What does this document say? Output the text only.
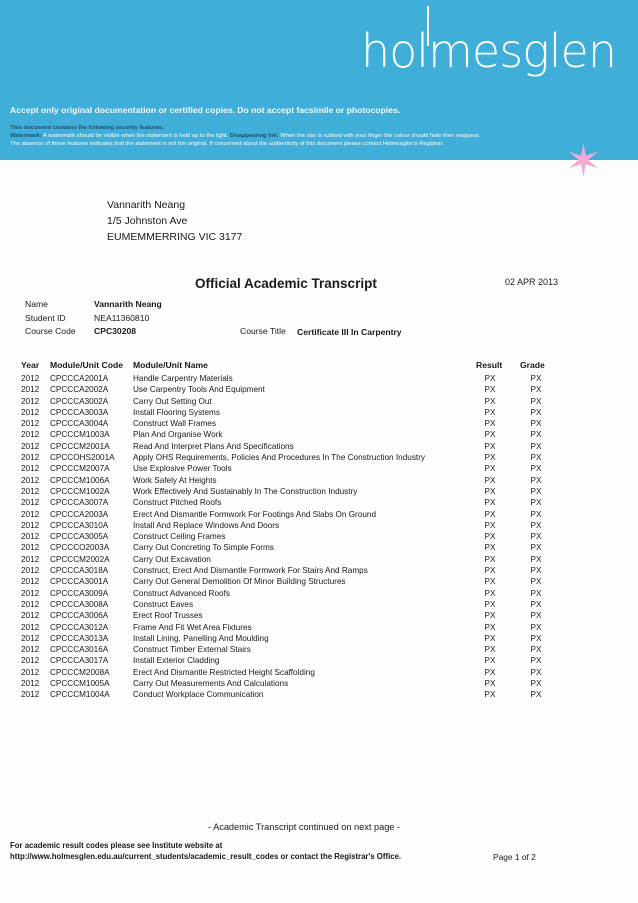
holmesglen
Accept only original documentation or certified copies. Do not accept facsimile or photocopies.
This document contains the following security features;
Watermark: A watermark should be visible when the statement is held up to the light. Disappearing Ink: When the star is rubbed with your finger the colour should fade then reappear.
The absence of these features indicates that the statement is not the original. If concerned about the authenticity of this document please contact Holmesglen's Registrar.	✶
Vannarith Neang
1/5 Johnston Ave
EUMEMMERRING VIC 3177
Official Academic Transcript	02 APR 2013
Name	Vannarith Neang
Student ID	NEA11360810
Course Code CPC30208	Course Title Certificate III In Carpentry
Year Module/Unit Code Module/Unit Name	Result Grade
2012 CPCCCA2001A	Handle Carpentry Materials	PX	PX
2012 CPCCCA2002A	Use Carpentry Tools And Equipment	PX	PX
2012 CPCCCA3002A	Carry Out Setting Out	PX	PX
2012 CPCCCA3003A	Install Flooring Systems	PX	PX
2012 CPCCCA3004A	Construct Wall Frames	PX	PX
2012 CPCCCM1003A	Plan And Organise Work	PX	PX
2012 CPCCCM2001A	Read And Interpret Plans And Specifications	PX	PX
2012 CPCCOHS2001A Apply OHS Requirements, Policies And Procedures In The Construction Industry	PX	PX
2012 CPCCCM2007A	Use Explosive Power Tools	PX	PX
2012 CPCCCM1006A	Work Safely At Heights	PX	PX
2012 CPCCCM1002A	Work Effectively And Sustainably In The Construction Industry	PX	PX
2012 CPCCCA3007A	Construct Pitched Roofs	PX	PX
2012 CPCCCA2003A	Erect And Dismantle Formwork For Footings And Slabs On Ground	PX	PX
2012 CPCCCA3010A	Install And Replace Windows And Doors	PX	PX
2012 CPCCCA3005A	Construct Ceiling Frames	PX	PX
2012 CPCCCO2003A	Carry Out Concreting To Simple Forms	PX	PX
2012 CPCCCM2002A	Carry Out Excavation	PX	PX
2012 CPCCCA3018A	Construct, Erect And Dismantle Formwork For Stairs And Ramps	PX	PX
2012 CPCCCA3001A	Carry Out General Demolition Of Minor Building Structures	PX	PX
2012 CPCCCA3009A	Construct Advanced Roofs	PX	PX
2012 CPCCCA3008A	Construct Eaves	PX	PX
2012 CPCCCA3006A	Erect Roof Trusses	PX	PX
2012 CPCCCA3012A	Frame And Fit Wet Area Fixtures	PX	PX
2012 CPCCCA3013A	Install Lining, Panelling And Moulding	PX	PX
2012 CPCCCA3016A	Construct Timber External Stairs	PX	PX
2012 CPCCCA3017A	Install Exterior Cladding	PX	PX
2012 CPCCCM2008A	Erect And Dismantle Restricted Height Scaffolding	PX	PX
2012 CPCCCM1005A	Carry Out Measurements And Calculations	PX	PX
2012 CPCCCM1004A	Conduct Workplace Communication	PX	PX
- Academic Transcript continued on next page -
For academic result codes please see Institute website at
http://www.holmesglen.edu.au/current_students/academic_result_codes or contact the Registrar's Office.	Page 1 of 2
